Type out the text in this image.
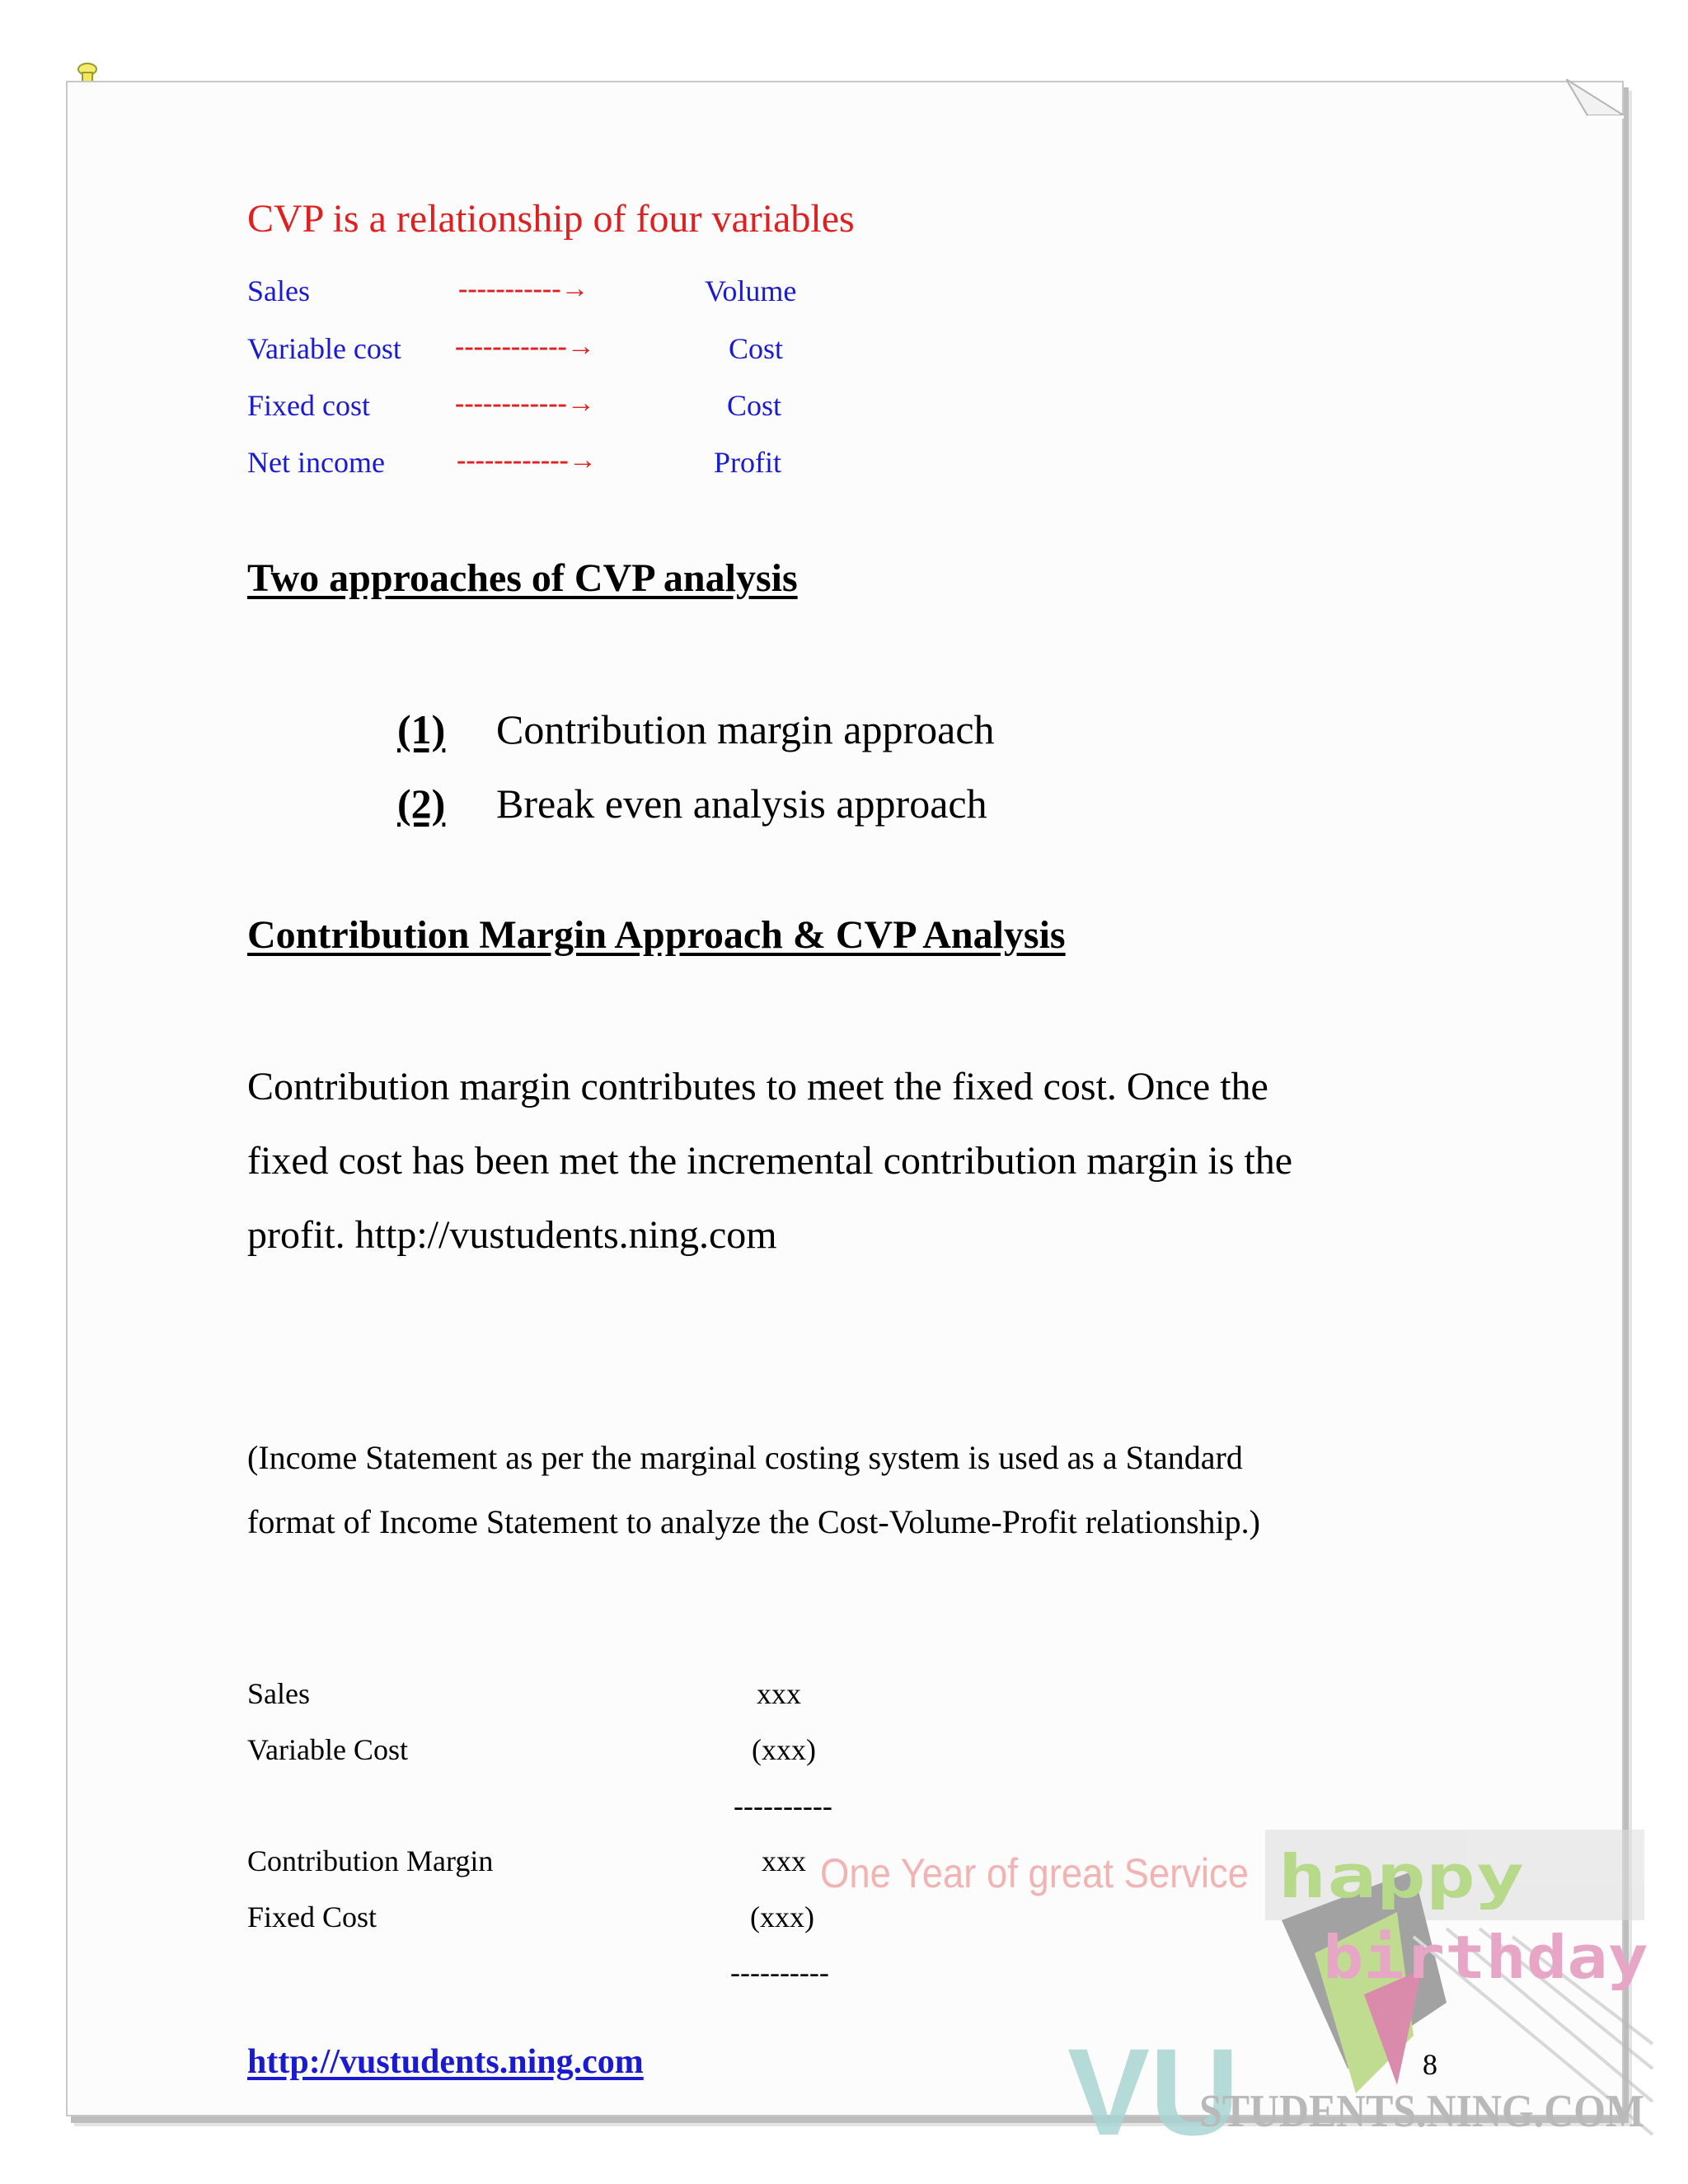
CVP is a relationship of four variables
Sales	-----------→	Volume
Variable cost ------------→	Cost
Fixed cost	------------→	Cost
Net income	------------→	Profit
Two approaches of CVP analysis
(1) Contribution margin approach
(2) Break even analysis approach
Contribution Margin Approach & CVP Analysis
Contribution margin contributes to meet the fixed cost. Once the
fixed cost has been met the incremental contribution margin is the
profit. http://vustudents.ning.com
(Income Statement as per the marginal costing system is used as a Standard
format of Income Statement to analyze the Cost-Volume-Profit relationship.)
Sales	xxx
Variable Cost	(xxx)
----------
Contribution Margin	xxx
Fixed Cost	(xxx)
----------
One Year of great Service happy
birthday
VU
STUDENTS.NING.COM
http://vustudents.ning.com	8
